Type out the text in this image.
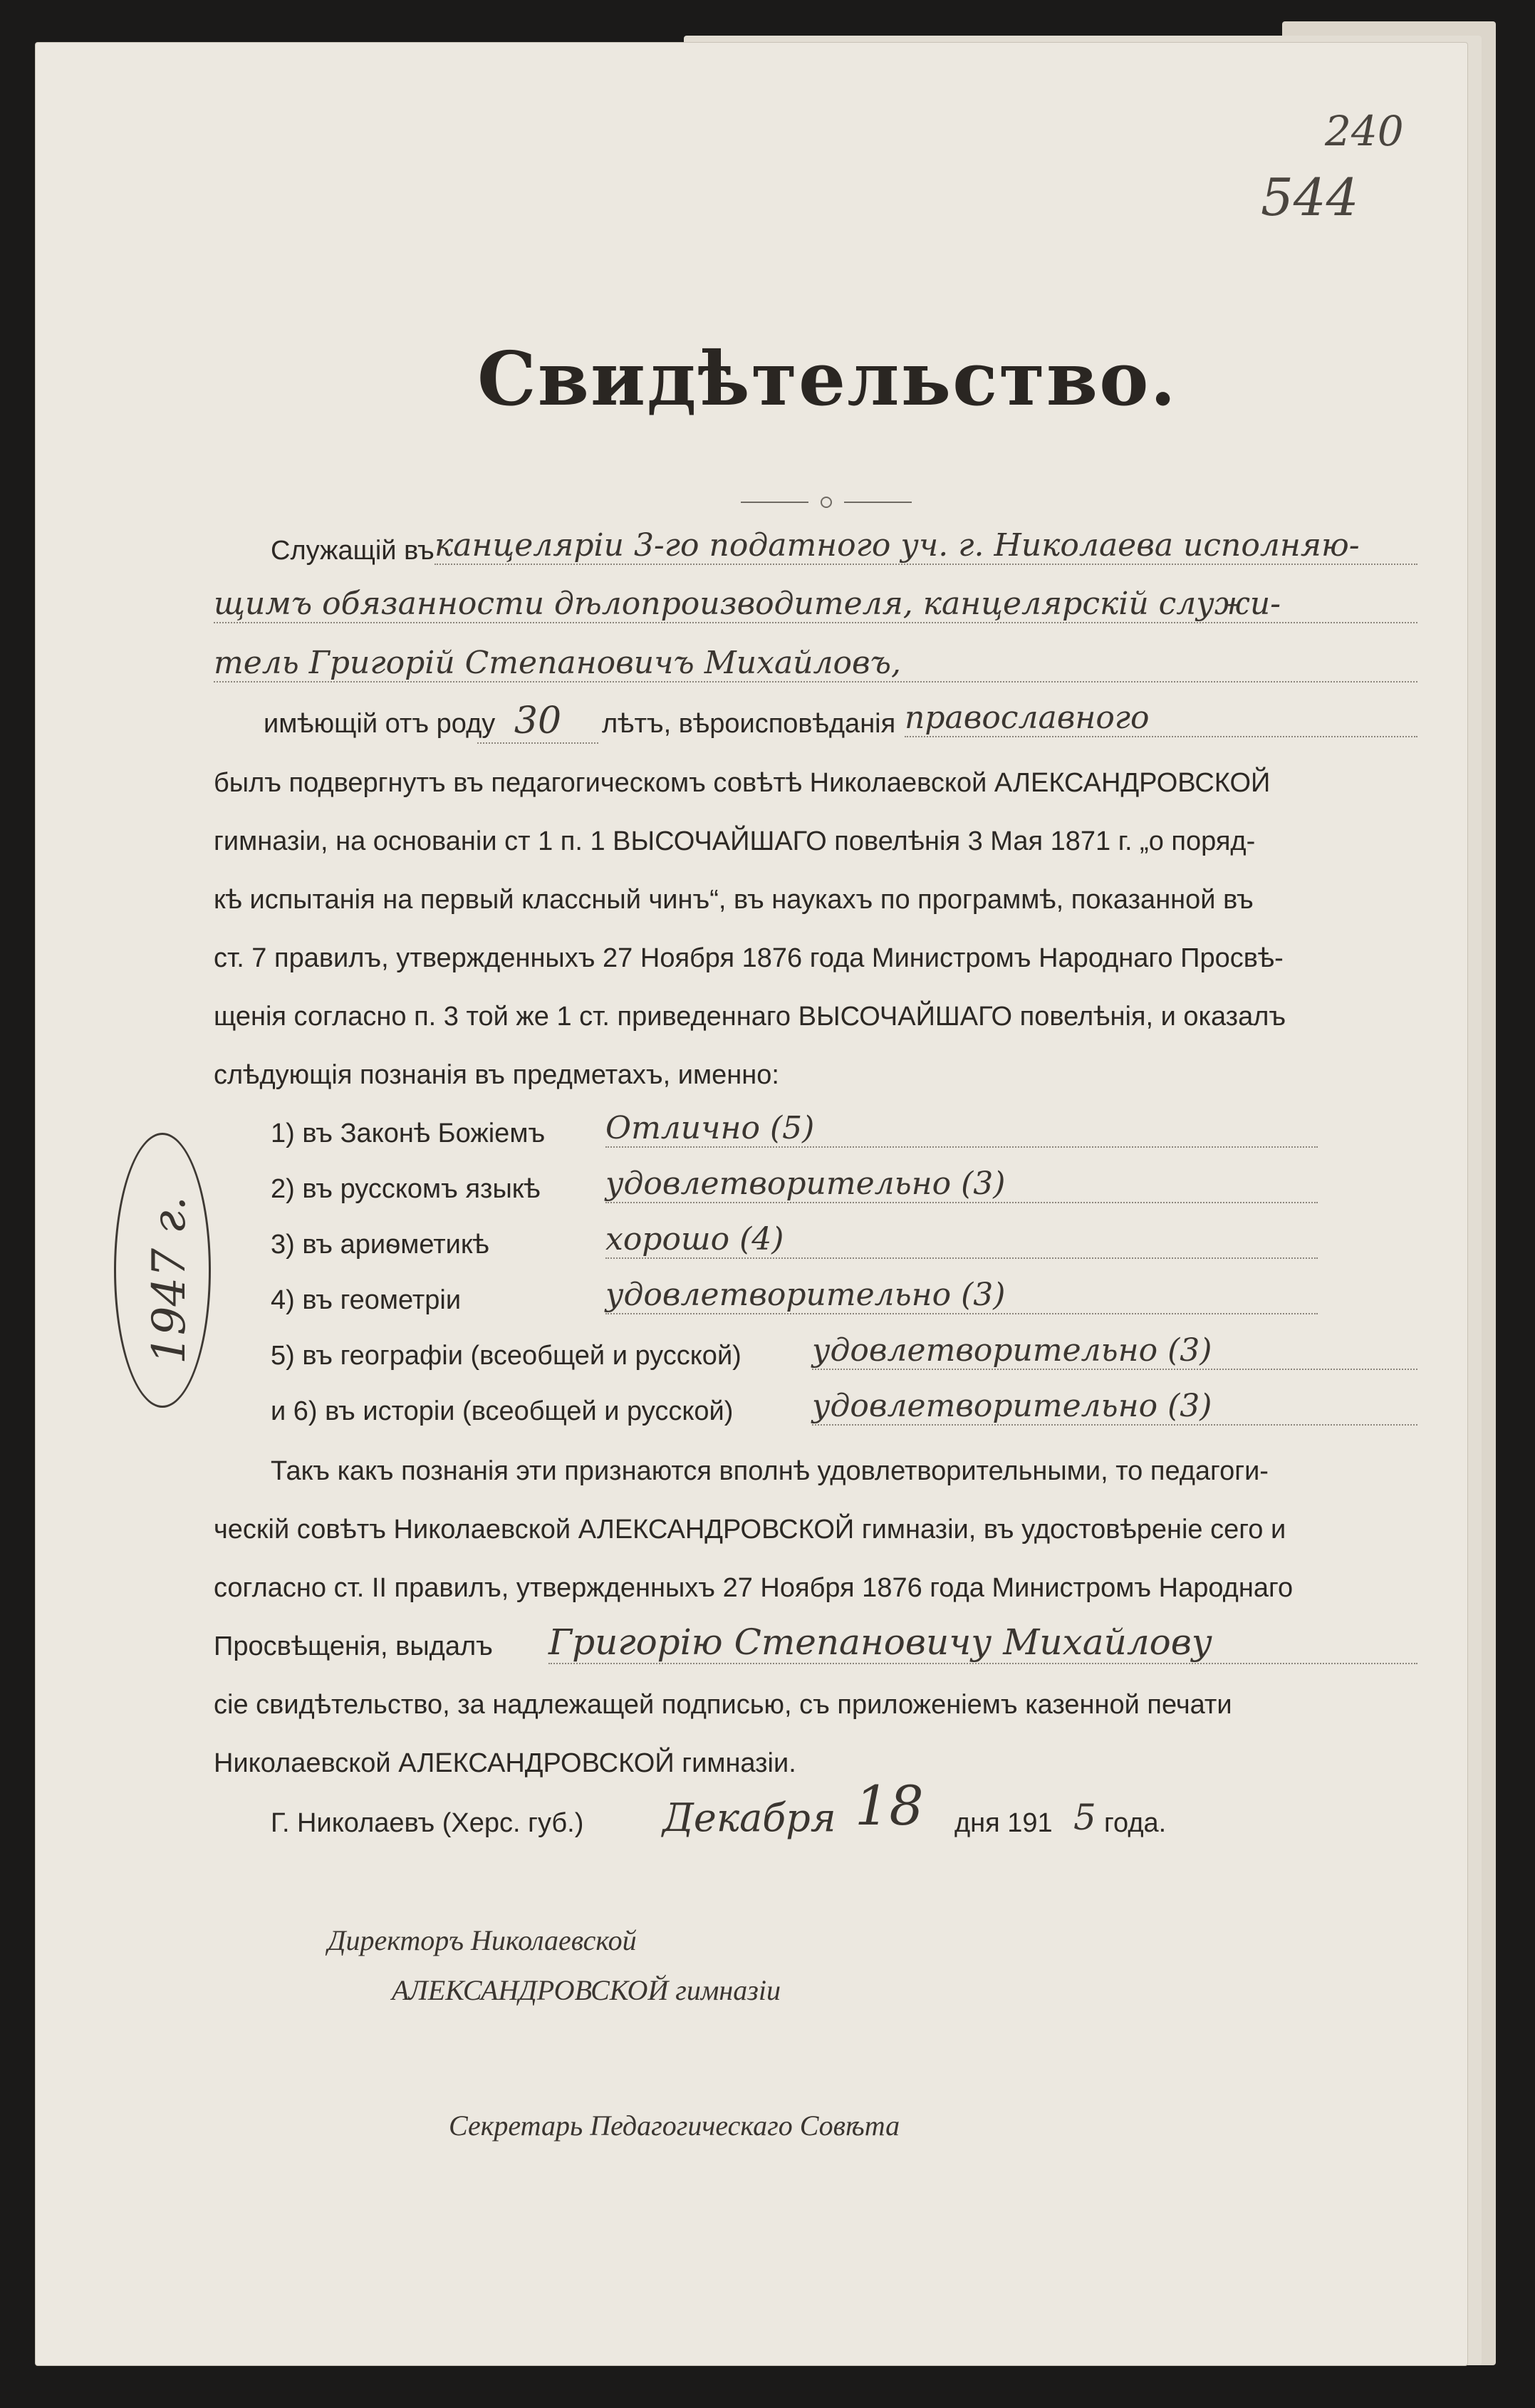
240
544
Свидѣтельство.
Служащій въ канцеляріи 3-го податного уч. г. Николаева исполняю-
щимъ обязанности дѣлопроизводителя, канцелярскій служи-
тель Григорій Степановичъ Михайловъ,
имѣющій отъ роду 30	лѣтъ, вѣроисповѣданія православного
былъ подвергнутъ въ педагогическомъ совѣтѣ Николаевской АЛЕКСАНДРОВСКОЙ
гимназіи, на основаніи ст 1 п. 1 ВЫСОЧАЙШАГО повелѣнія 3 Мая 1871 г. „о поряд-
кѣ испытанія на первый классный чинъ“, въ наукахъ по программѣ, показанной въ
ст. 7 правилъ, утвержденныхъ 27 Ноября 1876 года Министромъ Народнаго Просвѣ-
щенія согласно п. 3 той же 1 ст. приведеннаго ВЫСОЧАЙШАГО повелѣнія, и оказалъ
слѣдующія познанія въ предметахъ, именно:
1) въ Законѣ Божіемъ Отлично (5)
2) въ русскомъ языкѣ удовлетворительно (3)
3) въ ариѳметикѣ	хорошо (4)
4) въ геометріи	удовлетворительно (3)
5) въ географіи (всеобщей и русской) удовлетворительно (3)
и 6) въ исторіи (всеобщей и русской)	удовлетворительно (3)
Такъ какъ познанія эти признаются вполнѣ удовлетворительными, то педагоги-
ческій совѣтъ Николаевской АЛЕКСАНДРОВСКОЙ гимназіи, въ удостовѣреніе сего и
согласно ст. II правилъ, утвержденныхъ 27 Ноября 1876 года Министромъ Народнаго
Просвѣщенія, выдалъ Григорію Степановичу Михайлову
сіе свидѣтельство, за надлежащей подписью, съ приложеніемъ казенной печати
Николаевской АЛЕКСАНДРОВСКОЙ гимназіи.
Г. Николаевъ (Херс. губ.) Декабря 18 дня 191 5 года.
Директоръ Николаевской
АЛЕКСАНДРОВСКОЙ гимназіи
Секретарь Педагогическаго Совѣта
1947 г.
